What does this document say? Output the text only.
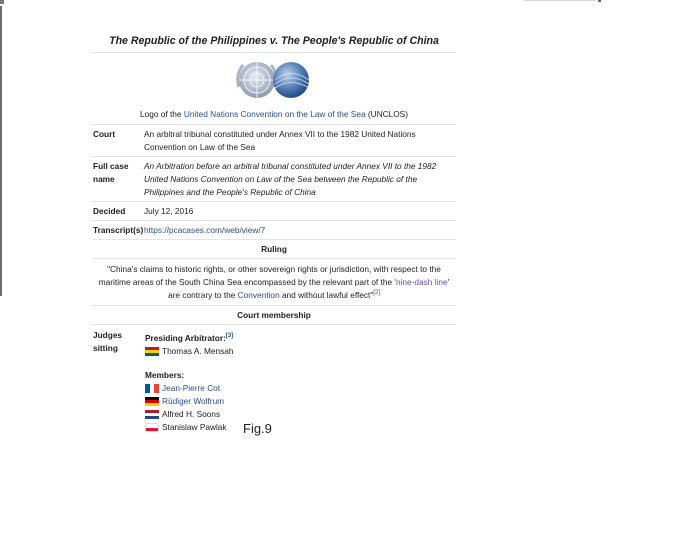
The Republic of the Philippines v. The People's Republic of China
Logo of the United Nations Convention on the Law of the Sea (UNCLOS)
Court	An arbitral tribunal constituted under Annex VII to the 1982 United Nations Convention on Law of the Sea
Full case name
An Arbitration before an arbitral tribunal constituted under Annex VII to the 1982 United Nations Convention on Law of the Sea between the Republic of the Philippines and the People's Republic of China
Decided	July 12, 2016
Transcript(s) https://pcacases.com/web/view/7
Ruling
"China's claims to historic rights, or other sovereign rights or jurisdiction, with respect to the maritime areas of the South China Sea encompassed by the relevant part of the 'nine-dash line' are contrary to the Convention and without lawful effect"[2]
Court membership
Judges sitting
Presiding Arbitrator:[3]
Thomas A. Mensah
Members:
Jean-Pierre Cot
Rüdiger Wolfrum
Alfred H. Soons
Stanislaw Pawlak Fig.9
